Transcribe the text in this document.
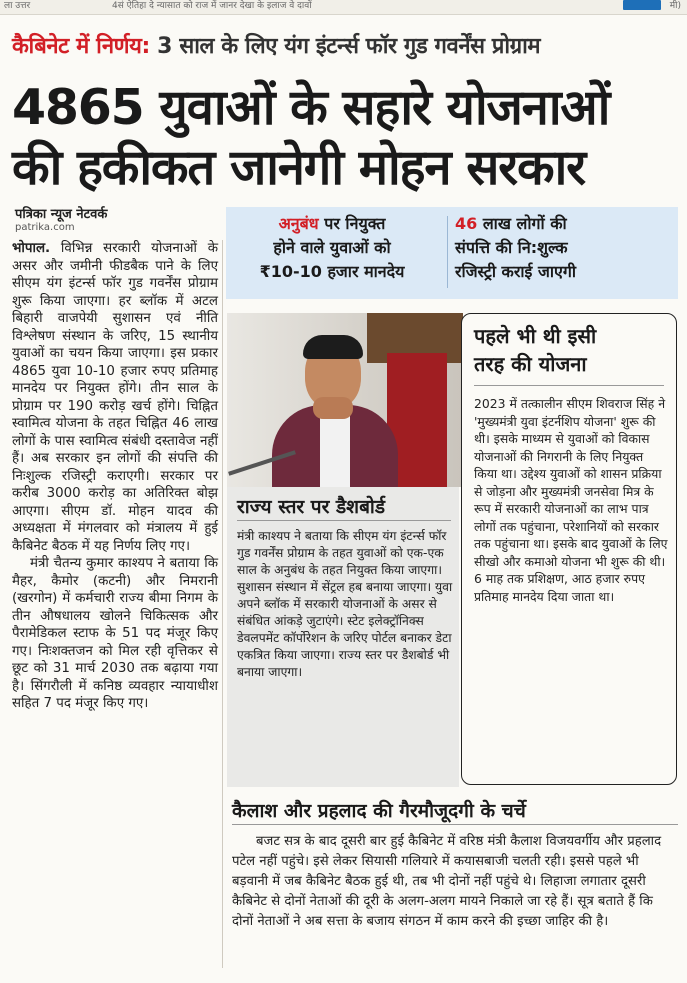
ला उत्तर	4सं ऐतिहा दे न्यासात को राज में जानर देखा के इलाज वे दावों	मी)
कैबिनेट में निर्णय: 3 साल के लिए यंग इंटर्न्स फॉर गुड गवर्नेंस प्रोग्राम
4865 युवाओं के सहारे योजनाओं
की हकीकत जानेगी मोहन सरकार
पत्रिका न्यूज नेटवर्क
patrika.com	अनुबंध पर नियुक्त
होने वाले युवाओं को
₹10-10 हजार मानदेय
46 लाख लोगों की
संपत्ति की नि:शुल्क
रजिस्ट्री कराई जाएगी

भोपाल. विभिन्न सरकारी योजनाओं के असर और जमीनी फीडबैक पाने के लिए सीएम यंग इंटर्न्स फॉर गुड गवर्नेंस प्रोग्राम शुरू किया जाएगा। हर ब्लॉक में अटल बिहारी वाजपेयी सुशासन एवं नीति विश्लेषण संस्थान के जरिए, 15 स्थानीय युवाओं का चयन किया जाएगा। इस प्रकार 4865 युवा 10-10 हजार रुपए प्रतिमाह मानदेय पर नियुक्त होंगे। तीन साल के प्रोग्राम पर 190 करोड़ खर्च होंगे। चिह्नित स्वामित्व योजना के तहत चिह्नित 46 लाख लोगों के पास स्वामित्व संबंधी दस्तावेज नहीं हैं। अब सरकार इन लोगों की संपत्ति की निःशुल्क रजिस्ट्री कराएगी। सरकार पर करीब 3000 करोड़ का अतिरिक्त बोझ आएगा। सीएम डॉ. मोहन यादव की अध्यक्षता में मंगलवार को मंत्रालय में हुई कैबिनेट बैठक में यह निर्णय लिए गए।

मंत्री चैतन्य कुमार काश्यप ने बताया कि मैहर, कैमोर (कटनी) और निमरानी (खरगोन) में कर्मचारी राज्य बीमा निगम के तीन औषधालय खोलने चिकित्सक और पैरामेडिकल स्टाफ के 51 पद मंजूर किए गए। निःशक्तजन को मिल रही वृत्तिकर से छूट को 31 मार्च 2030 तक बढ़ाया गया है। सिंगरौली में कनिष्ठ व्यवहार न्यायाधीश सहित 7 पद मंजूर किए गए।

राज्य स्तर पर डैशबोर्ड
मंत्री काश्यप ने बताया कि सीएम यंग इंटर्न्स फॉर गुड गवर्नेंस प्रोग्राम के तहत युवाओं को एक-एक साल के अनुबंध के तहत नियुक्त किया जाएगा। सुशासन संस्थान में सेंट्रल हब बनाया जाएगा। युवा अपने ब्लॉक में सरकारी योजनाओं के असर से संबंधित आंकड़े जुटाएंगे। स्टेट इलेक्ट्रॉनिक्स डेवलपमेंट कॉर्पोरेशन के जरिए पोर्टल बनाकर डेटा एकत्रित किया जाएगा। राज्य स्तर पर डैशबोर्ड भी बनाया जाएगा।
पहले भी थी इसी
तरह की योजना
2023 में तत्कालीन सीएम शिवराज सिंह ने 'मुख्यमंत्री युवा इंटर्नशिप योजना' शुरू की थी। इसके माध्यम से युवाओं को विकास योजनाओं की निगरानी के लिए नियुक्त किया था। उद्देश्य युवाओं को शासन प्रक्रिया से जोड़ना और मुख्यमंत्री जनसेवा मित्र के रूप में सरकारी योजनाओं का लाभ पात्र लोगों तक पहुंचाना, परेशानियों को सरकार तक पहुंचाना था। इसके बाद युवाओं के लिए सीखो और कमाओ योजना भी शुरू की थी। 6 माह तक प्रशिक्षण, आठ हजार रुपए प्रतिमाह मानदेय दिया जाता था।
कैलाश और प्रहलाद की गैरमौजूदगी के चर्चे
बजट सत्र के बाद दूसरी बार हुई कैबिनेट में वरिष्ठ मंत्री कैलाश विजयवर्गीय और प्रहलाद पटेल नहीं पहुंचे। इसे लेकर सियासी गलियारे में कयासबाजी चलती रही। इससे पहले भी बड़वानी में जब कैबिनेट बैठक हुई थी, तब भी दोनों नहीं पहुंचे थे। लिहाजा लगातार दूसरी कैबिनेट से दोनों नेताओं की दूरी के अलग-अलग मायने निकाले जा रहे हैं। सूत्र बताते हैं कि दोनों नेताओं ने अब सत्ता के बजाय संगठन में काम करने की इच्छा जाहिर की है।
